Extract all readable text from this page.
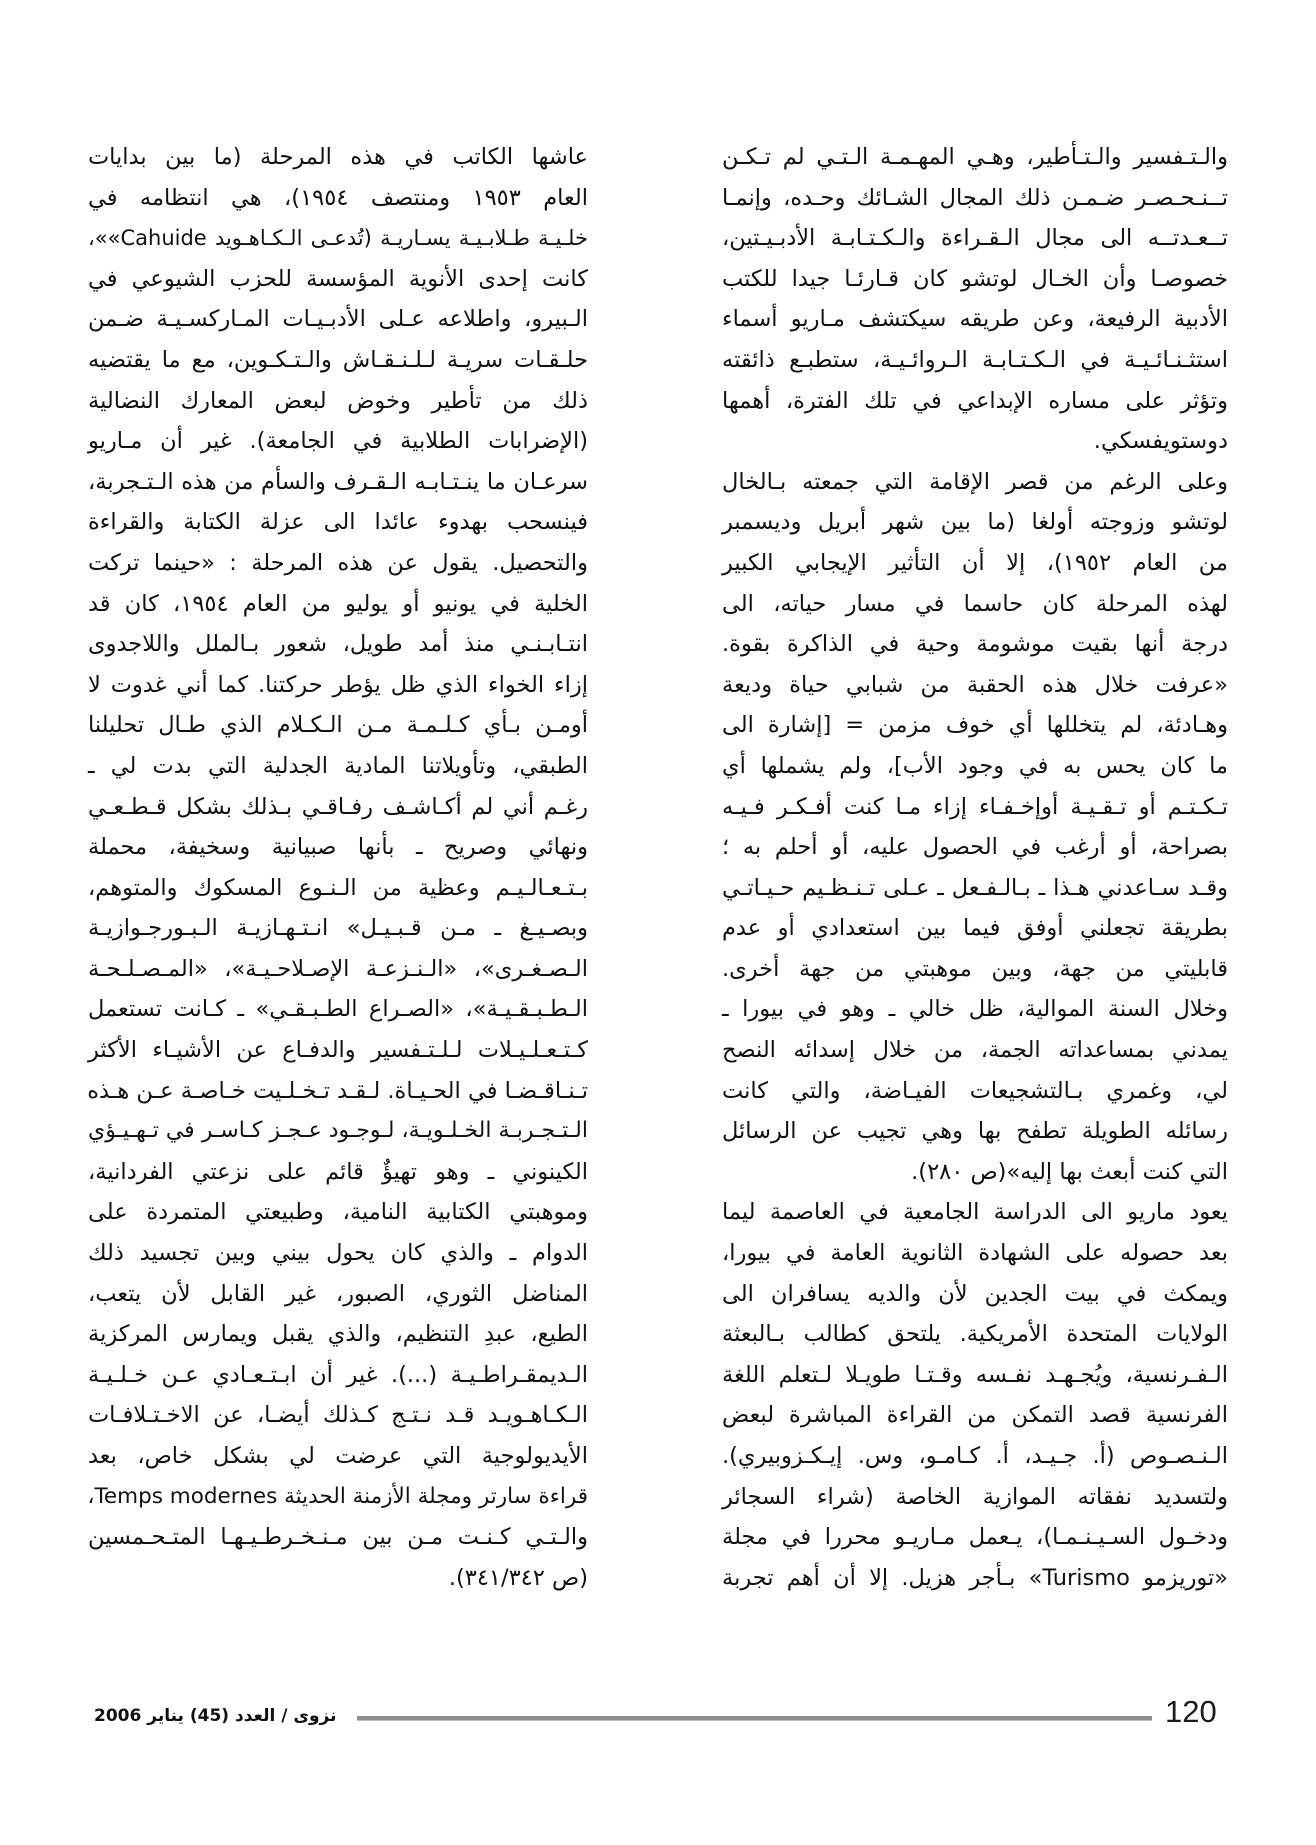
والـتـفسير والـتـأطير، وهـي المهـمـة الـتـي لم تـكـن
تــنـحـصـر ضـمـن ذلك المجال الشـائك وحـده، وإنمـا
تــعـدتــه الى مجال الـقـراءة والـكـتـابـة الأدبـيـتين،
خصوصـا وأن الخـال لوتشو كان قـارئـا جيدا للكتب
الأدبية الرفيعة، وعن طريقه سيكتشف مـاريو أسماء
استثـنـائـيـة في الـكـتـابـة الـروائـيـة، ستطبـع ذائقته
وتؤثر على مساره الإبداعي في تلك الفترة، أهمها
دوستويفسكي.
وعلى الرغم من قصر الإقامة التي جمعته بـالخال
لوتشو وزوجته أولغا (ما بين شهر أبريل وديسمبر
من العام ١٩٥٢)، إلا أن التأثير الإيجابي الكبير
لهذه المرحلة كان حاسما في مسار حياته، الى
درجة أنها بقيت موشومة وحية في الذاكرة بقوة.
«عرفت خلال هذه الحقبة من شبابي حياة وديعة
وهـادئة، لم يتخللها أي خوف مزمن = [إشارة الى
ما كان يحس به في وجود الأب]، ولم يشملها أي
تـكـتـم أو تـقـيـة أوإخـفـاء إزاء مـا كنت أفـكـر فـيـه
بصراحة، أو أرغب في الحصول عليه، أو أحلم به ؛
وقـد سـاعدني هـذا ـ بـالـفـعل ـ عـلى تـنـظـيم حـيـاتـي
بطريقة تجعلني أوفق فيما بين استعدادي أو عدم
قابليتي من جهة، وبين موهبتي من جهة أخرى.
وخلال السنة الموالية، ظل خالي ـ وهو في بيورا ـ
يمدني بمساعداته الجمة، من خلال إسدائه النصح
لي، وغمري بـالتشجيعات الفيـاضة، والتي كانت
رسائله الطويلة تطفح بها وهي تجيب عن الرسائل
التي كنت أبعث بها إليه»(ص ٢٨٠).
يعود ماريو الى الدراسة الجامعية في العاصمة ليما
بعد حصوله على الشهادة الثانوية العامة في بيورا،
ويمكث في بيت الجدين لأن والديه يسافران الى
الولايات المتحدة الأمريكية. يلتحق كطالب بـالبعثة
الـفـرنسية، ويُجـهـد نفـسه وقـتـا طويـلا لـتعلم اللغة
الفرنسية قصد التمكن من القراءة المباشرة لبعض
الـنـصـوص (أ. جـيـد، أ. كـامـو، وس. إيـكـزوبيري).
ولتسديد نفقاته الموازية الخاصة (شراء السجائر
ودخـول السـيـنـمـا)، يـعمل مـاريـو محررا في مجلة
«توريزمو Turismo» بـأجر هزيل. إلا أن أهم تجربة
عاشها الكاتب في هذه المرحلة (ما بين بدايات
العام ١٩٥٣ ومنتصف ١٩٥٤)، هي انتظامه في
خلـيـة طـلابـيـة يسـاريـة (تُدعـى الـكـاهـويد Cahuide»»،
كانت إحدى الأنوية المؤسسة للحزب الشيوعي في
الـبيرو، واطلاعه عـلى الأدبـيـات المـاركسـيـة ضـمن
حلـقـات سريـة لـلـنـقـاش والـتـكـوين، مع ما يقتضيه
ذلك من تأطير وخوض لبعض المعارك النضالية
(الإضرابات الطلابية في الجامعة). غير أن مـاريو
سرعـان ما ينـتـابـه الـقـرف والسأم من هذه الـتـجربة،
فينسحب بهدوء عائدا الى عزلة الكتابة والقراءة
والتحصيل. يقول عن هذه المرحلة : «حينما تركت
الخلية في يونيو أو يوليو من العام ١٩٥٤، كان قد
انتـابـنـي منذ أمد طويل، شعور بـالملل واللاجدوى
إزاء الخواء الذي ظل يؤطر حركتنا. كما أني غدوت لا
أومـن بـأي كـلـمـة مـن الـكـلام الذي طـال تحليلنا
الطبقي، وتأويلاتنا المادية الجدلية التي بدت لي ـ
رغـم أني لم أكـاشـف رفـاقـي بـذلك بشكل قـطـعـي
ونهائي وصريح ـ بأنها صبيانية وسخيفة، محملة
بـتـعـالـيـم وعظية من الـنـوع المسكوك والمتوهم،
وبصـيـغ ـ مـن قـبـيـل» انـتـهـازيـة الـبـورجـوازيـة
الـصـغـرى»، «الـنـزعـة الإصـلاحـيـة»، «المـصـلـحـة
الـطـبـقـيـة»، «الصـراع الطـبـقـي» ـ كـانت تستعمل
كـتـعـلـيـلات لـلـتـفسير والدفـاع عن الأشيـاء الأكثر
تـنـاقـضـا في الحـيـاة. لـقـد تـخـلـيت خـاصـة عـن هـذه
الـتـجـربـة الخـلـويـة، لـوجـود عـجـز كـاسـر في تـهـيـؤي
الكينوني ـ وهو تهيؤٌ قائم على نزعتي الفردانية،
وموهبتي الكتابية النامية، وطبيعتي المتمردة على
الدوام ـ والذي كان يحول بيني وبين تجسيد ذلك
المناضل الثوري، الصبور، غير القابل لأن يتعب،
الطيع، عبدِ التنظيم، والذي يقبل ويمارس المركزية
الـديمقـراطـيـة (...). غير أن ابـتـعـادي عـن خـلـيـة
الـكـاهـويـد قـد نـتـج كـذلك أيضـا، عن الاخـتـلافـات
الأيديولوجية التي عرضت لي بشكل خاص، بعد
قراءة سارتر ومجلة الأزمنة الحديثة Temps modernes،
والـتـي كـنـت مـن بين مـنـخـرطـيـهـا المتـحـمسين
(ص ٣٤١/٣٤٢).
120
نزوى / العدد (45) يناير 2006
